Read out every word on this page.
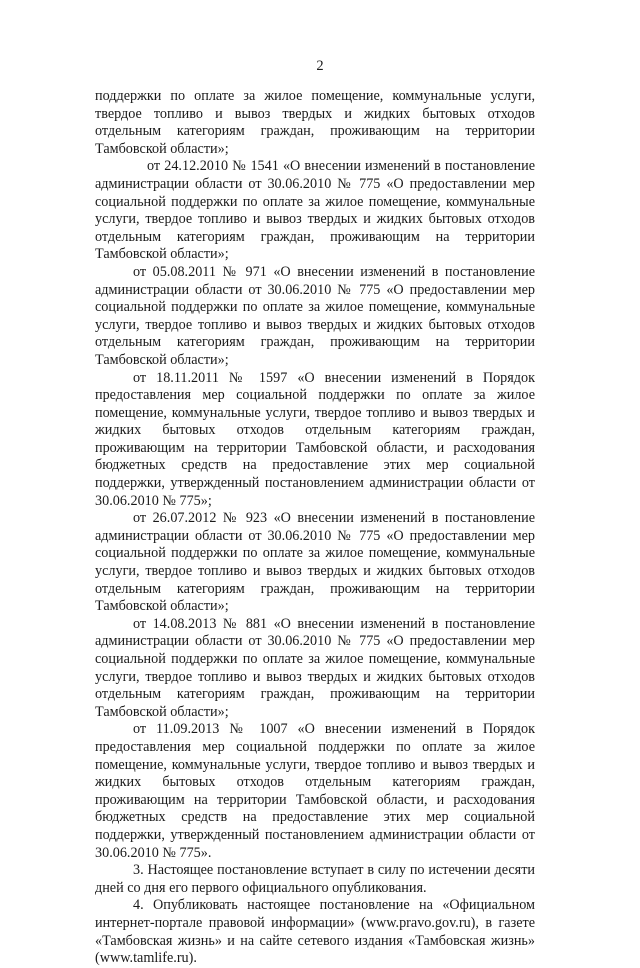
2

поддержки по оплате за жилое помещение, коммунальные услуги, твердое топливо и вывоз твердых и жидких бытовых отходов отдельным категориям граждан, проживающим на территории Тамбовской области»;

от 24.12.2010 № 1541 «О внесении изменений в постановление администрации области от 30.06.2010 № 775 «О предоставлении мер социальной поддержки по оплате за жилое помещение, коммунальные услуги, твердое топливо и вывоз твердых и жидких бытовых отходов отдельным категориям граждан, проживающим на территории Тамбовской области»;

от 05.08.2011 № 971 «О внесении изменений в постановление администрации области от 30.06.2010 № 775 «О предоставлении мер социальной поддержки по оплате за жилое помещение, коммунальные услуги, твердое топливо и вывоз твердых и жидких бытовых отходов отдельным категориям граждан, проживающим на территории Тамбовской области»;

от 18.11.2011 № 1597 «О внесении изменений в Порядок предоставления мер социальной поддержки по оплате за жилое помещение, коммунальные услуги, твердое топливо и вывоз твердых и жидких бытовых отходов отдельным категориям граждан, проживающим на территории Тамбовской области, и расходования бюджетных средств на предоставление этих мер социальной поддержки, утвержденный постановлением администрации области от 30.06.2010 № 775»;

от 26.07.2012 № 923 «О внесении изменений в постановление администрации области от 30.06.2010 № 775 «О предоставлении мер социальной поддержки по оплате за жилое помещение, коммунальные услуги, твердое топливо и вывоз твердых и жидких бытовых отходов отдельным категориям граждан, проживающим на территории Тамбовской области»;

от 14.08.2013 № 881 «О внесении изменений в постановление администрации области от 30.06.2010 № 775 «О предоставлении мер социальной поддержки по оплате за жилое помещение, коммунальные услуги, твердое топливо и вывоз твердых и жидких бытовых отходов отдельным категориям граждан, проживающим на территории Тамбовской области»;

от 11.09.2013 № 1007 «О внесении изменений в Порядок предоставления мер социальной поддержки по оплате за жилое помещение, коммунальные услуги, твердое топливо и вывоз твердых и жидких бытовых отходов отдельным категориям граждан, проживающим на территории Тамбовской области, и расходования бюджетных средств на предоставление этих мер социальной поддержки, утвержденный постановлением администрации области от 30.06.2010 № 775».

3. Настоящее постановление вступает в силу по истечении десяти дней со дня его первого официального опубликования.

4. Опубликовать настоящее постановление на «Официальном интернет-портале правовой информации» (www.pravo.gov.ru), в газете «Тамбовская жизнь» и на сайте сетевого издания «Тамбовская жизнь» (www.tamlife.ru).
